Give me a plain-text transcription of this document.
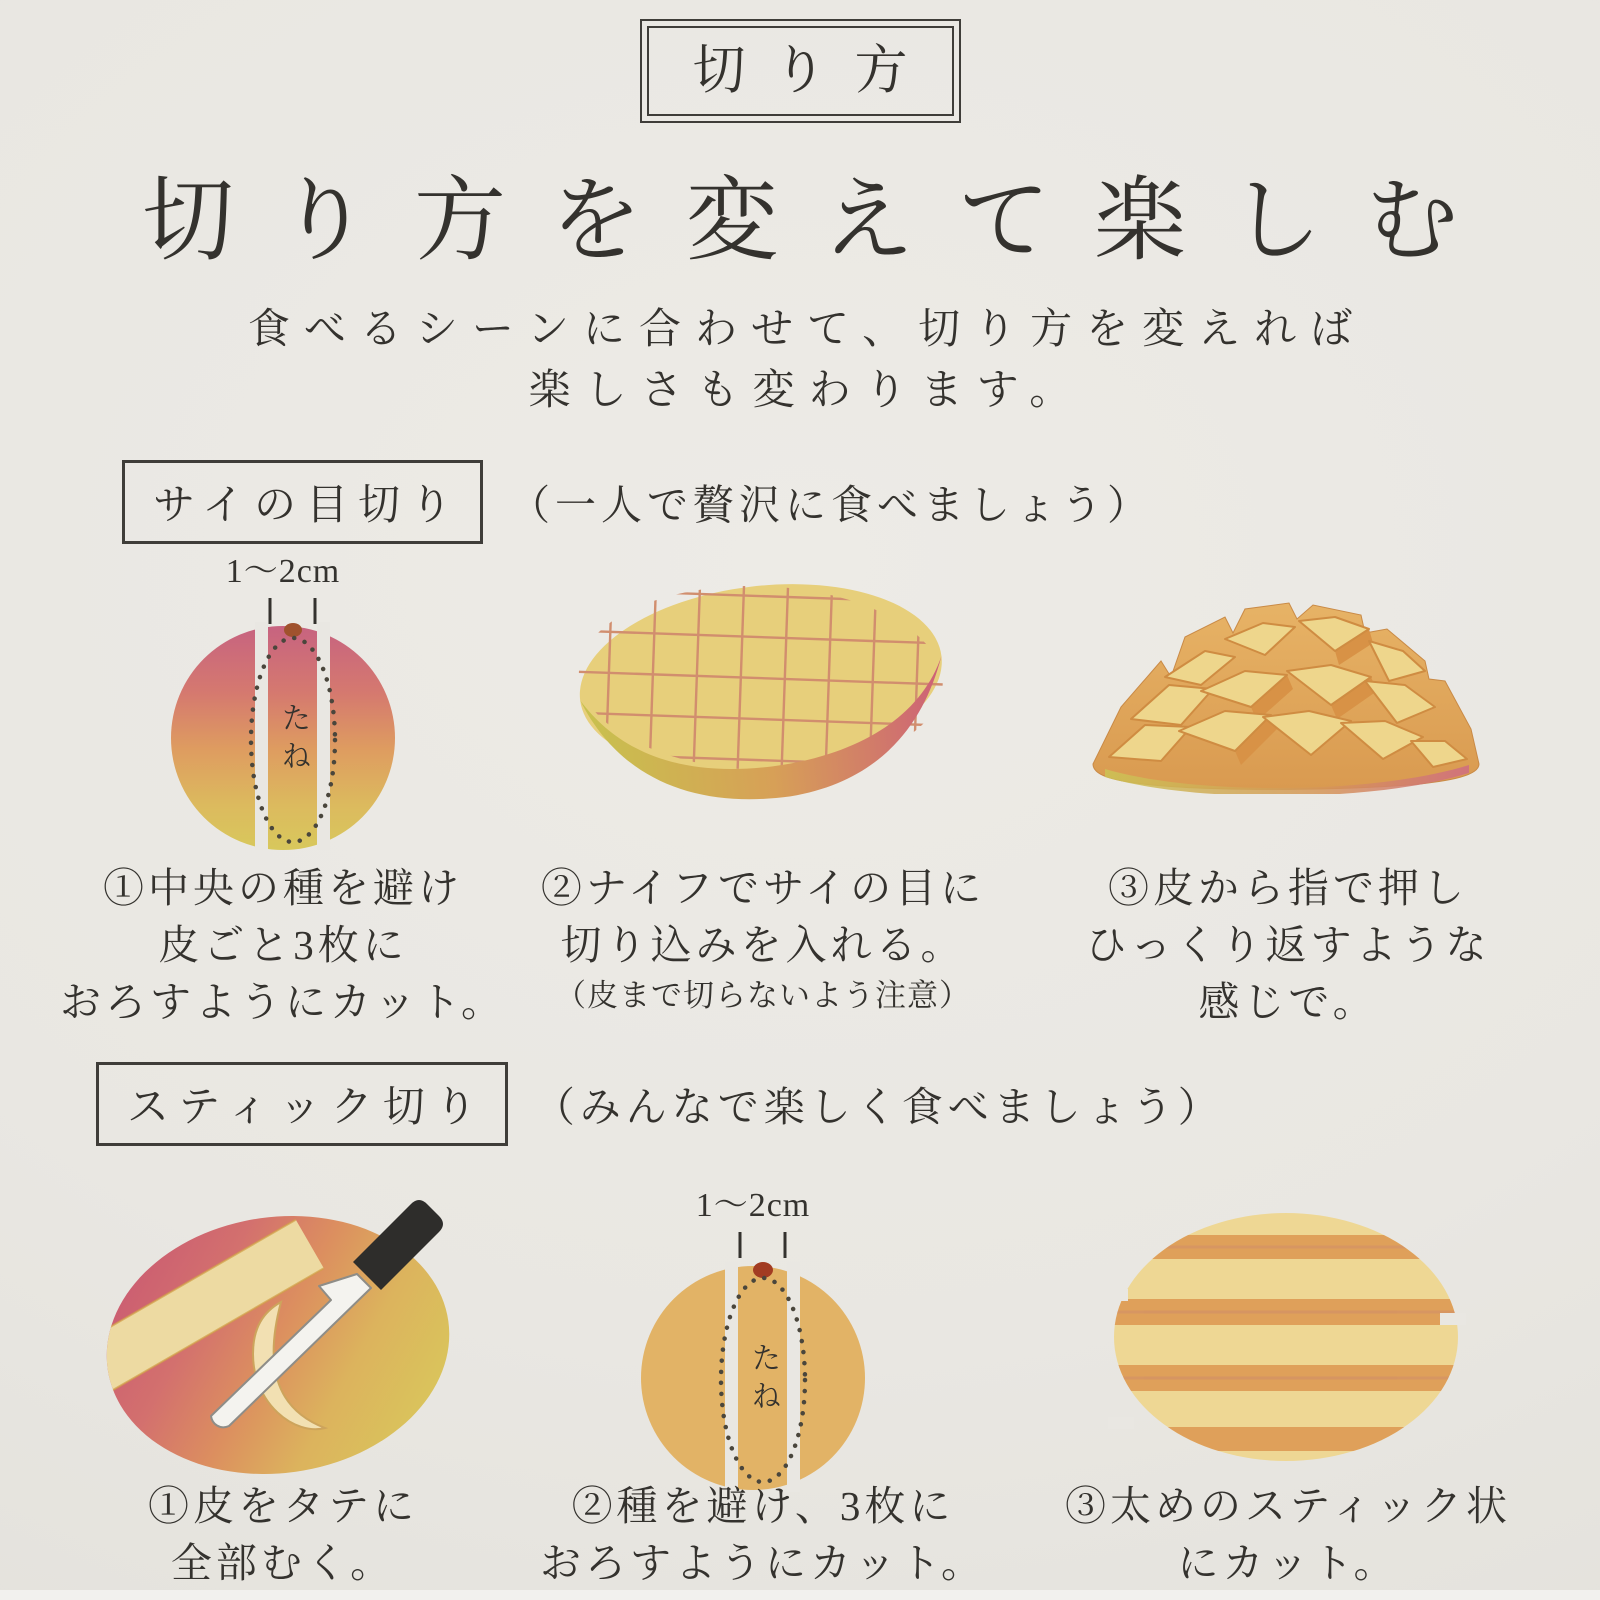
切り方
切り方を変えて楽しむ
食べるシーンに合わせて、切り方を変えれば
楽しさも変わります。
サイの目切り	（一人で贅沢に食べましょう）
1〜2cm
たね
①中央の種を避け
皮ごと3枚に
おろすようにカット。
②ナイフでサイの目に
切り込みを入れる。
（皮まで切らないよう注意）
③皮から指で押し
ひっくり返すような
感じで。
スティック切り	（みんなで楽しく食べましょう）
1〜2cm
たね
①皮をタテに
全部むく。
②種を避け、3枚に
おろすようにカット。
③太めのスティック状
にカット。
